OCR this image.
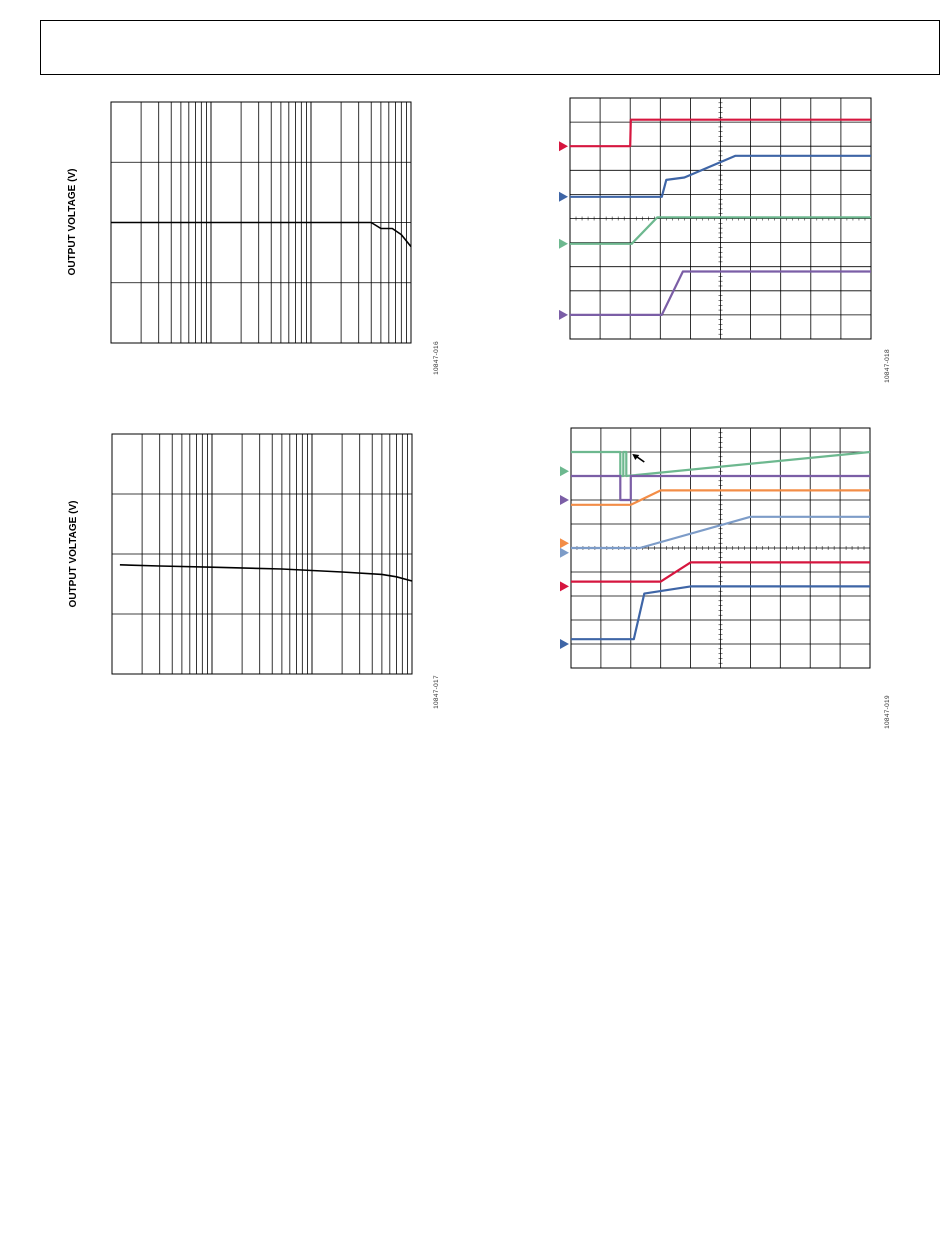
OUTPUT VOLTAGE (V)
10847-016
OUTPUT VOLTAGE (V)
10847-017
10847-018
10847-019
